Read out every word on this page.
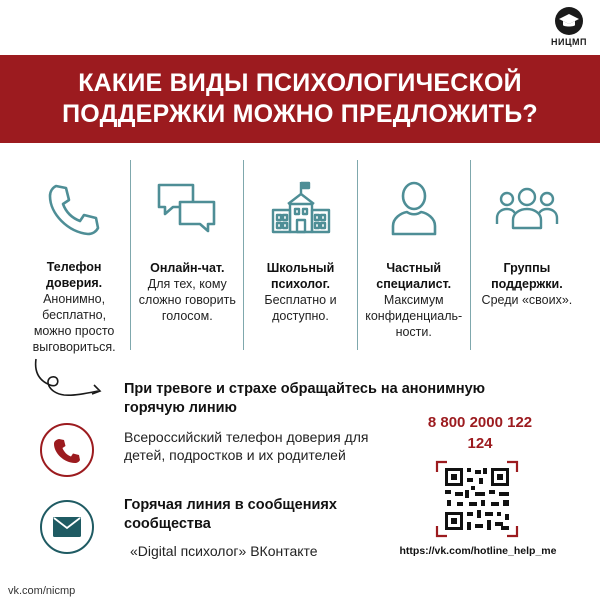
НИЦМП
КАКИЕ ВИДЫ ПСИХОЛОГИЧЕСКОЙ
ПОДДЕРЖКИ МОЖНО ПРЕДЛОЖИТЬ?
Телефон доверия.
Анонимно, бесплатно, можно просто выговориться.
Онлайн-чат.
Для тех, кому сложно говорить голосом.
Школьный психолог.
Бесплатно и доступно.
Частный специалист.
Максимум конфиденциаль-ности.
Группы поддержки.
Среди «своих».
При тревоге и страхе обращайтесь на анонимную горячую линию
Всероссийский телефон доверия для детей, подростков и их родителей
8 800 2000 122
124
Горячая линия в сообщениях сообщества
«Digital психолог» ВКонтакте	https://vk.com/hotline_help_me
vk.com/nicmp
